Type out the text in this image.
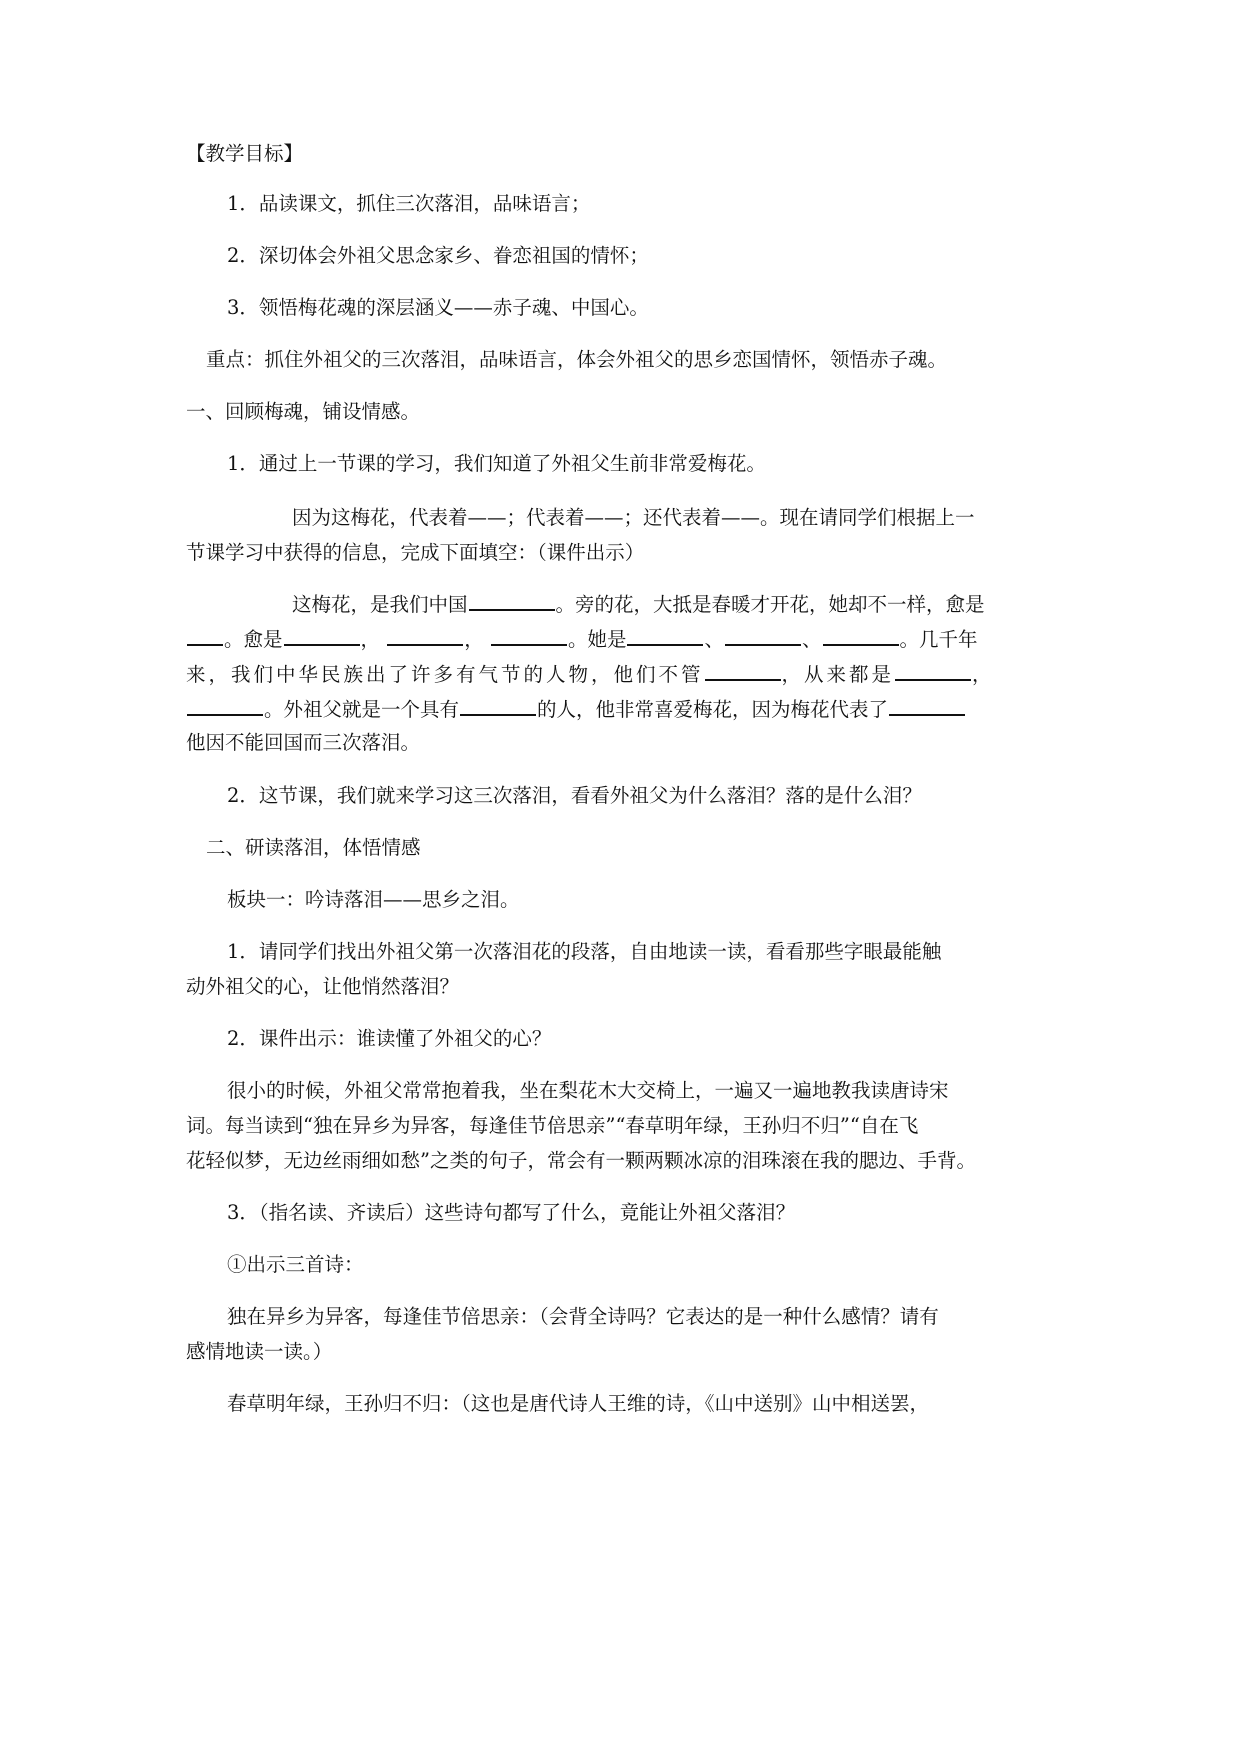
【教学目标】
1．品读课文，抓住三次落泪，品味语言；
2．深切体会外祖父思念家乡、眷恋祖国的情怀；
3．领悟梅花魂的深层涵义——赤子魂、中国心。
重点：抓住外祖父的三次落泪，品味语言，体会外祖父的思乡恋国情怀，领悟赤子魂。
一、回顾梅魂，铺设情感。
1．通过上一节课的学习，我们知道了外祖父生前非常爱梅花。
因为这梅花，代表着——；代表着——；还代表着——。现在请同学们根据上一
节课学习中获得的信息，完成下面填空：（课件出示）
这梅花，是我们中国	。旁的花，大抵是春暖才开花，她却不一样，愈是
。愈是	，	，	。她是	、	、	。几千年
来，我们中华民族出了许多有气节的人物，他们不管	，从来都是	，
。外祖父就是一个具有	的人，他非常喜爱梅花，因为梅花代表了
他因不能回国而三次落泪。
2．这节课，我们就来学习这三次落泪，看看外祖父为什么落泪？落的是什么泪？
二、研读落泪，体悟情感
板块一：吟诗落泪——思乡之泪。
1．请同学们找出外祖父第一次落泪花的段落，自由地读一读，看看那些字眼最能触
动外祖父的心，让他悄然落泪？
2．课件出示：谁读懂了外祖父的心？
很小的时候，外祖父常常抱着我，坐在梨花木大交椅上，一遍又一遍地教我读唐诗宋
词。每当读到“独在异乡为异客，每逢佳节倍思亲”“春草明年绿，王孙归不归”“自在飞
花轻似梦，无边丝雨细如愁”之类的句子，常会有一颗两颗冰凉的泪珠滚在我的腮边、手背。
3．（指名读、齐读后）这些诗句都写了什么，竟能让外祖父落泪？
①出示三首诗：
独在异乡为异客，每逢佳节倍思亲：（会背全诗吗？它表达的是一种什么感情？请有
感情地读一读。）
春草明年绿，王孙归不归：（这也是唐代诗人王维的诗，《山中送别》山中相送罢，
